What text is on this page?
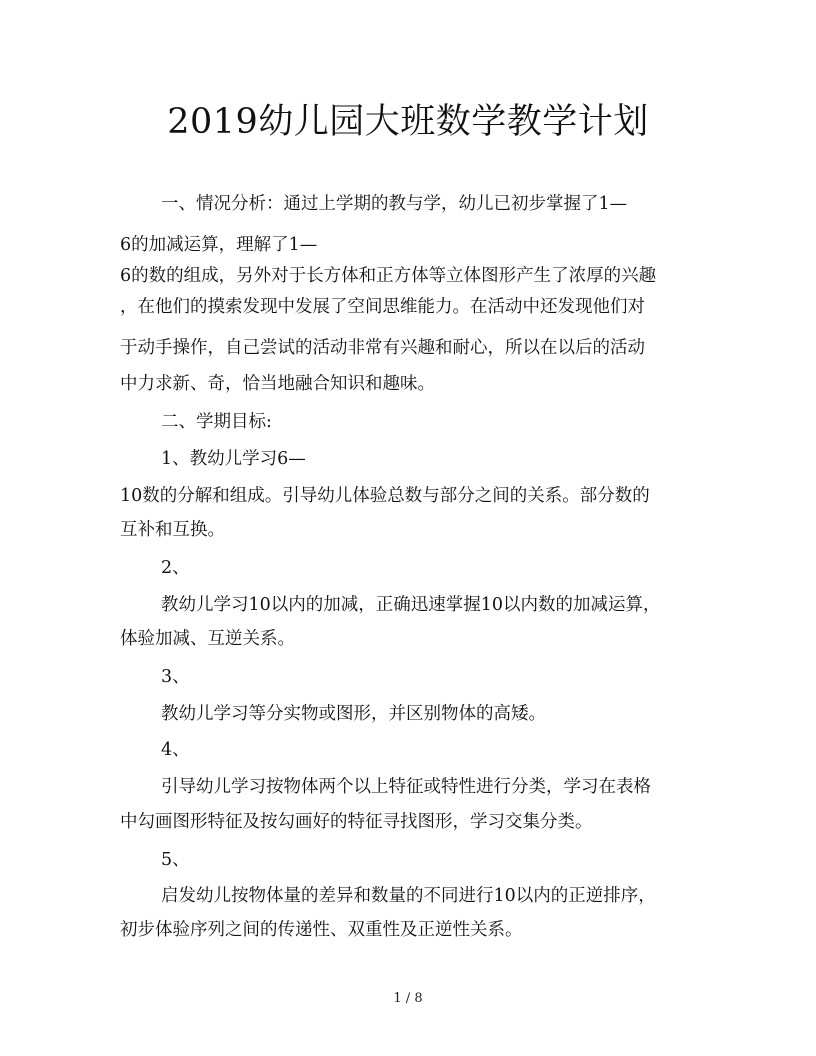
2019幼儿园大班数学教学计划
一、情况分析：通过上学期的教与学，幼儿已初步掌握了1—
6的加减运算，理解了1—
6的数的组成，另外对于长方体和正方体等立体图形产生了浓厚的兴趣
，在他们的摸索发现中发展了空间思维能力。在活动中还发现他们对
于动手操作，自己尝试的活动非常有兴趣和耐心，所以在以后的活动
中力求新、奇，恰当地融合知识和趣味。
二、学期目标:
1、教幼儿学习6—
10数的分解和组成。引导幼儿体验总数与部分之间的关系。部分数的
互补和互换。
2、
教幼儿学习10以内的加减，正确迅速掌握10以内数的加减运算，
体验加减、互逆关系。
3、
教幼儿学习等分实物或图形，并区别物体的高矮。
4、
引导幼儿学习按物体两个以上特征或特性进行分类，学习在表格
中勾画图形特征及按勾画好的特征寻找图形，学习交集分类。
5、
启发幼儿按物体量的差异和数量的不同进行10以内的正逆排序，
初步体验序列之间的传递性、双重性及正逆性关系。
1 / 8
